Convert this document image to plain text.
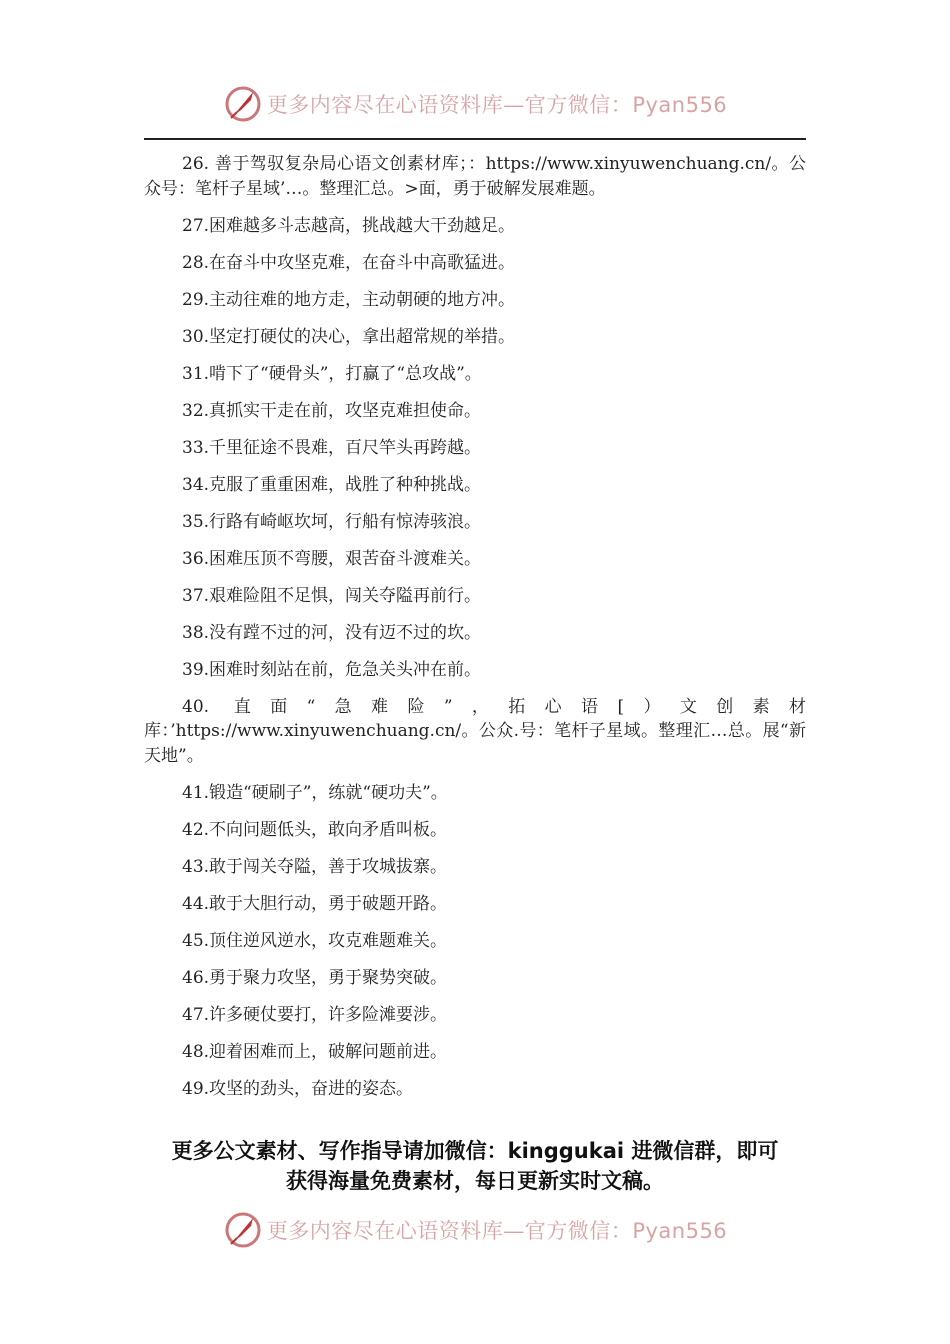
更多内容尽在心语资料库—官方微信：Pyan556

26. 善于驾驭复杂局心语文创素材库；：https://www.xinyuwenchuang.cn/。公众号：笔杆子星域’…。整理汇总。>面，勇于破解发展难题。

27.困难越多斗志越高，挑战越大干劲越足。

28.在奋斗中攻坚克难，在奋斗中高歌猛进。

29.主动往难的地方走，主动朝硬的地方冲。

30.坚定打硬仗的决心，拿出超常规的举措。

31.啃下了“硬骨头”，打赢了“总攻战”。

32.真抓实干走在前，攻坚克难担使命。

33.千里征途不畏难，百尺竿头再跨越。

34.克服了重重困难，战胜了种种挑战。

35.行路有崎岖坎坷，行船有惊涛骇浪。

36.困难压顶不弯腰，艰苦奋斗渡难关。

37.艰难险阻不足惧，闯关夺隘再前行。

38.没有蹚不过的河，没有迈不过的坎。

39.困难时刻站在前，危急关头冲在前。

40. 直面“急难险”，拓心语[）文创素材库：’https://www.xinyuwenchuang.cn/。公众.号：笔杆子星域。整理汇…总。展“新天地”。

41.锻造“硬刷子”，练就“硬功夫”。

42.不向问题低头，敢向矛盾叫板。

43.敢于闯关夺隘，善于攻城拔寨。

44.敢于大胆行动，勇于破题开路。

45.顶住逆风逆水，攻克难题难关。

46.勇于聚力攻坚，勇于聚势突破。

47.许多硬仗要打，许多险滩要涉。

48.迎着困难而上，破解问题前进。

49.攻坚的劲头，奋进的姿态。

更多公文素材、写作指导请加微信：kinggukai 进微信群，即可
获得海量免费素材，每日更新实时文稿。
更多内容尽在心语资料库—官方微信：Pyan556
